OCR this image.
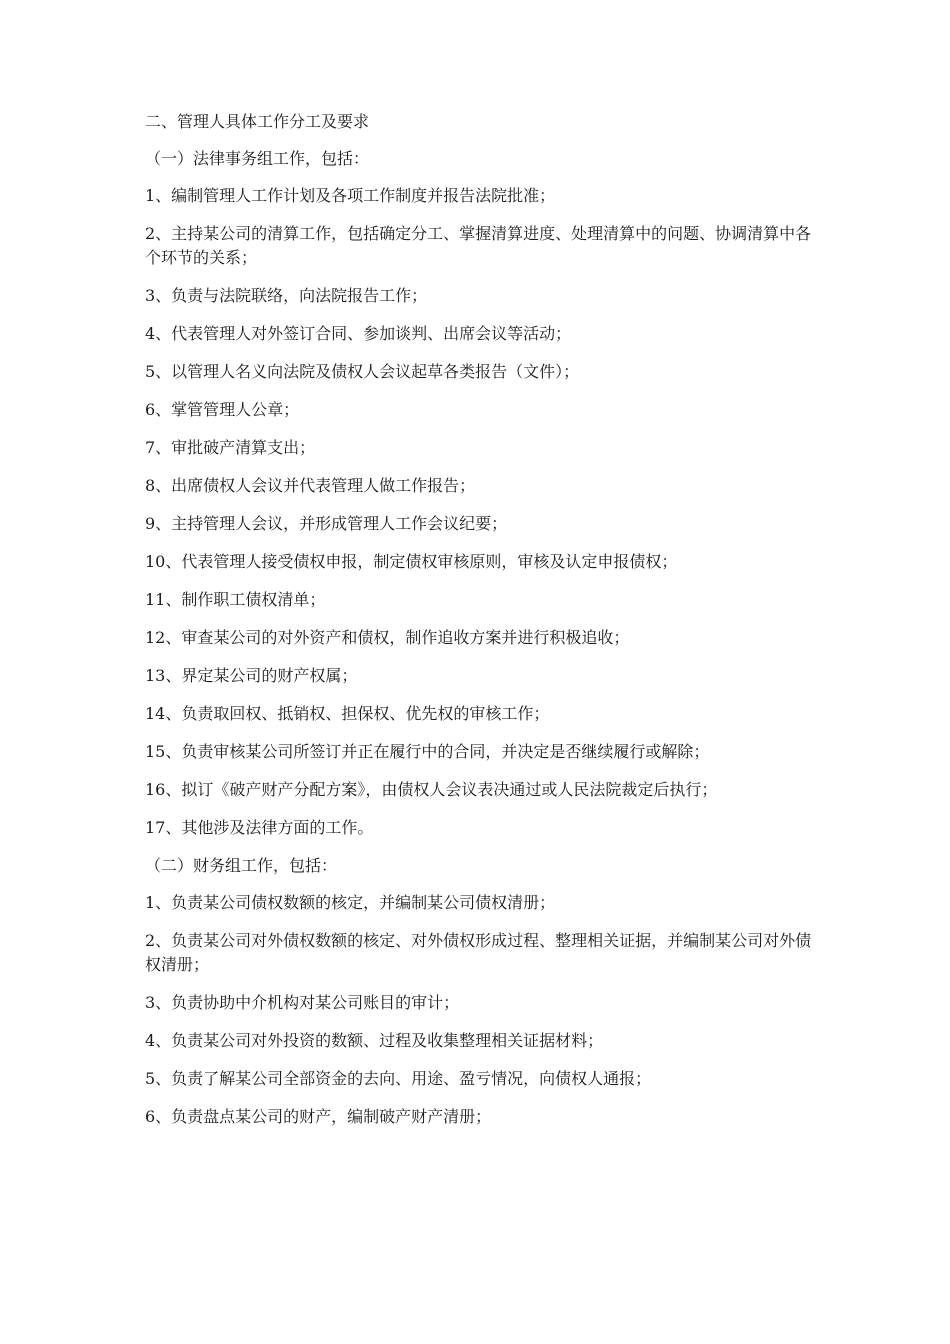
二、管理人具体工作分工及要求

（一）法律事务组工作，包括：

1、编制管理人工作计划及各项工作制度并报告法院批准；

2、主持某公司的清算工作，包括确定分工、掌握清算进度、处理清算中的问题、协调清算中各个环节的关系；

3、负责与法院联络，向法院报告工作；

4、代表管理人对外签订合同、参加谈判、出席会议等活动；

5、以管理人名义向法院及债权人会议起草各类报告（文件）；

6、掌管管理人公章；

7、审批破产清算支出；

8、出席债权人会议并代表管理人做工作报告；

9、主持管理人会议，并形成管理人工作会议纪要；

10、代表管理人接受债权申报，制定债权审核原则，审核及认定申报债权；

11、制作职工债权清单；

12、审查某公司的对外资产和债权，制作追收方案并进行积极追收；

13、界定某公司的财产权属；

14、负责取回权、抵销权、担保权、优先权的审核工作；

15、负责审核某公司所签订并正在履行中的合同，并决定是否继续履行或解除；

16、拟订《破产财产分配方案》，由债权人会议表决通过或人民法院裁定后执行；

17、其他涉及法律方面的工作。

（二）财务组工作，包括：

1、负责某公司债权数额的核定，并编制某公司债权清册；

2、负责某公司对外债权数额的核定、对外债权形成过程、整理相关证据，并编制某公司对外债权清册；

3、负责协助中介机构对某公司账目的审计；

4、负责某公司对外投资的数额、过程及收集整理相关证据材料；

5、负责了解某公司全部资金的去向、用途、盈亏情况，向债权人通报；

6、负责盘点某公司的财产，编制破产财产清册；
